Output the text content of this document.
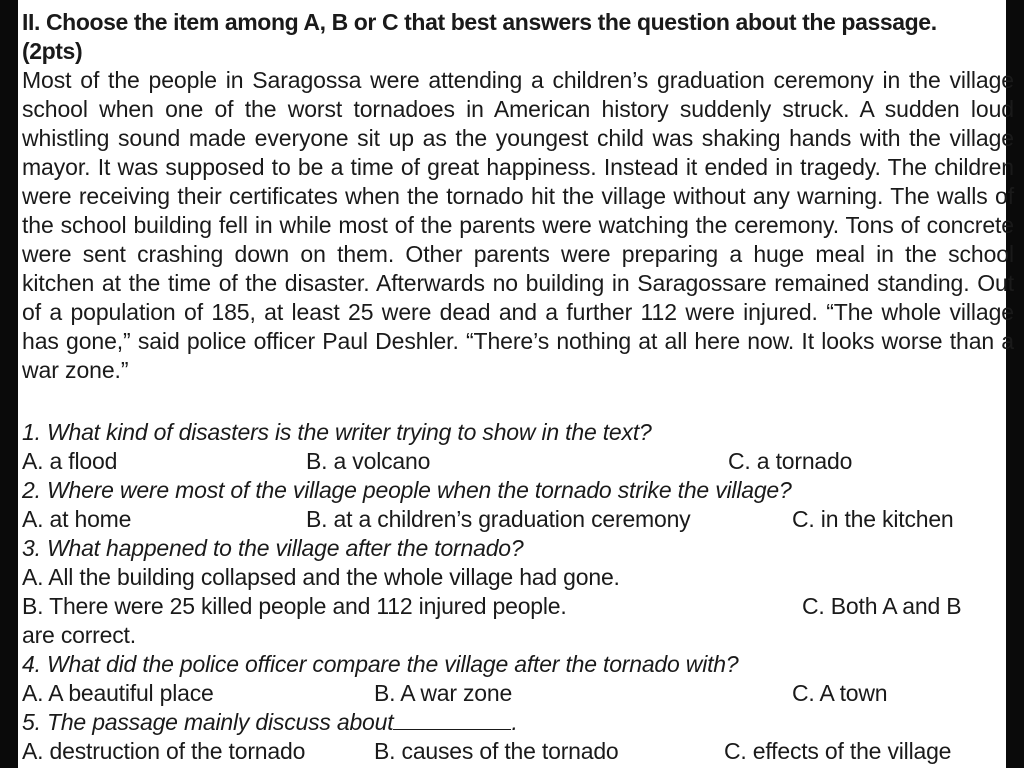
II. Choose the item among A, B or C that best answers the question about the passage.
(2pts)
Most of the people in Saragossa were attending a children’s graduation ceremony in the village school when one of the worst tornadoes in American history suddenly struck. A sudden loud whistling sound made everyone sit up as the youngest child was shaking hands with the village mayor. It was supposed to be a time of great happiness. Instead it ended in tragedy. The children were receiving their certificates when the tornado hit the village without any warning. The walls of the school building fell in while most of the parents were watching the ceremony. Tons of concrete were sent crashing down on them. Other parents were preparing a huge meal in the school kitchen at the time of the disaster. Afterwards no building in Saragossare remained standing. Out of a population of 185, at least 25 were dead and a further 112 were injured. “The whole village has gone,” said police officer Paul Deshler. “There’s nothing at all here now. It looks worse than a war zone.”
1. What kind of disasters is the writer trying to show in the text?
A. a flood	B. a volcano	C. a tornado
2. Where were most of the village people when the tornado strike the village?
A. at home	B. at a children’s graduation ceremony	C. in the kitchen
3. What happened to the village after the tornado?
A. All the building collapsed and the whole village had gone.
B. There were 25 killed people and 112 injured people.	C. Both A and B
are correct.
4. What did the police officer compare the village after the tornado with?
A. A beautiful place	B. A war zone	C. A town
5. The passage mainly discuss about	.
A. destruction of the tornado	B. causes of the tornado	C. effects of the village
